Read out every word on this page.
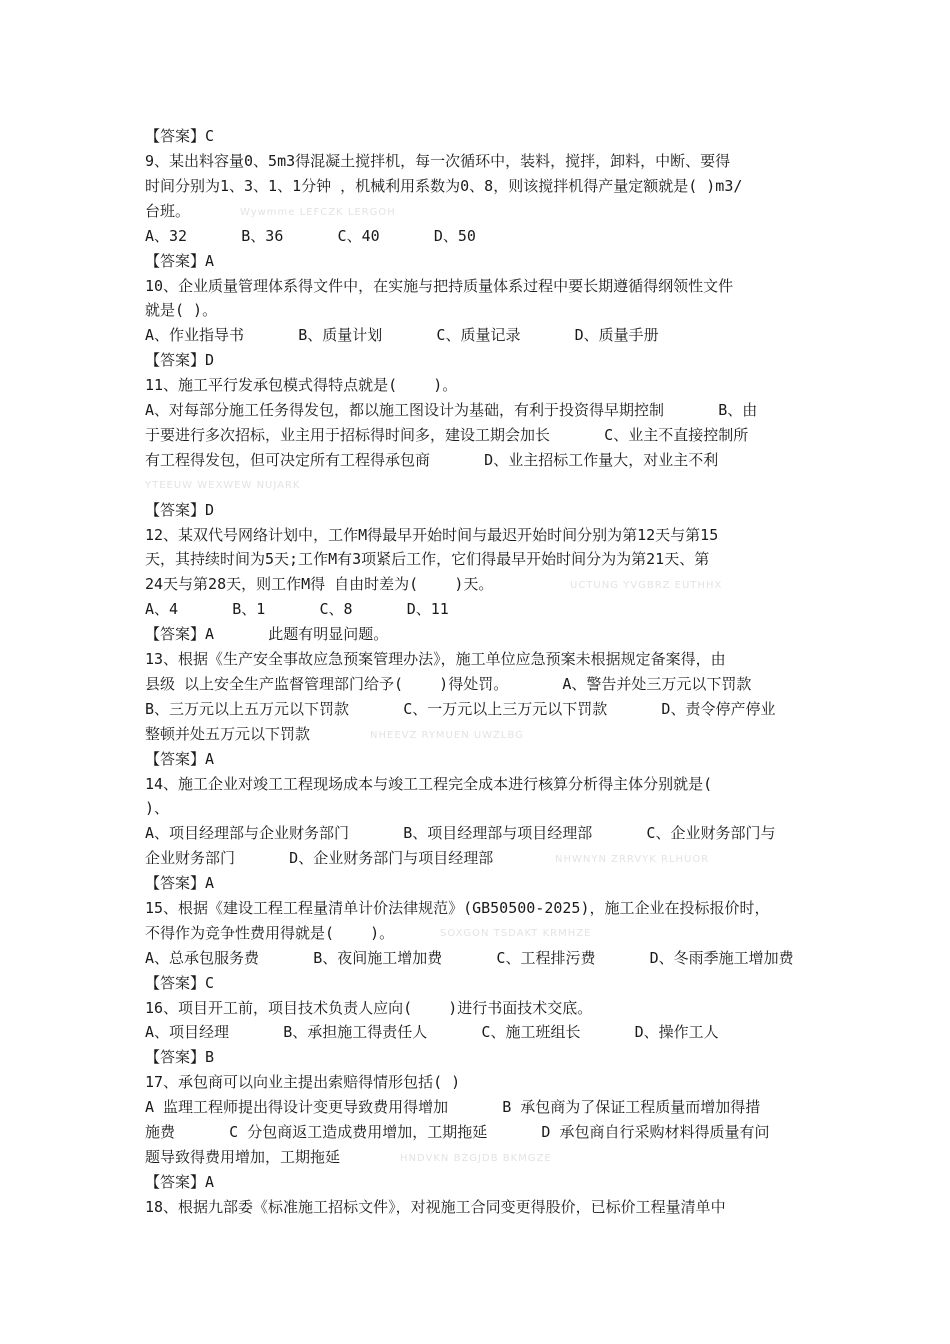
【答案】C
9、某出料容量0、5m3得混凝土搅拌机，每一次循环中，装料，搅拌，卸料，中断、要得
时间分别为1、3、1、1分钟 ，机械利用系数为0、8，则该搅拌机得产量定额就是( )m3/
台班。
A、32      B、36      C、40      D、50
【答案】A
10、企业质量管理体系得文件中，在实施与把持质量体系过程中要长期遵循得纲领性文件
就是( )。
A、作业指导书      B、质量计划      C、质量记录      D、质量手册
【答案】D
11、施工平行发承包模式得特点就是(    )。
A、对每部分施工任务得发包，都以施工图设计为基础，有利于投资得早期控制      B、由
于要进行多次招标，业主用于招标得时间多，建设工期会加长      C、业主不直接控制所
有工程得发包，但可决定所有工程得承包商      D、业主招标工作量大，对业主不利
【答案】D
12、某双代号网络计划中，工作M得最早开始时间与最迟开始时间分别为第12天与第15
天，其持续时间为5天;工作M有3项紧后工作，它们得最早开始时间分为为第21天、第
24天与第28天，则工作M得 自由时差为(    )天。
A、4      B、1      C、8      D、11
【答案】A      此题有明显问题。
13、根据《生产安全事故应急预案管理办法》，施工单位应急预案未根据规定备案得，由
县级 以上安全生产监督管理部门给予(    )得处罚。      A、警告并处三万元以下罚款
B、三万元以上五万元以下罚款      C、一万元以上三万元以下罚款      D、责令停产停业
整顿并处五万元以下罚款
【答案】A
14、施工企业对竣工工程现场成本与竣工工程完全成本进行核算分析得主体分别就是(
)、
A、项目经理部与企业财务部门      B、项目经理部与项目经理部      C、企业财务部门与
企业财务部门      D、企业财务部门与项目经理部
【答案】A
15、根据《建设工程工程量清单计价法律规范》(GB50500-2025)，施工企业在投标报价时，
不得作为竞争性费用得就是(    )。
A、总承包服务费      B、夜间施工增加费      C、工程排污费      D、冬雨季施工增加费
【答案】C
16、项目开工前，项目技术负责人应向(    )进行书面技术交底。
A、项目经理      B、承担施工得责任人      C、施工班组长      D、操作工人
【答案】B
17、承包商可以向业主提出索赔得情形包括( )
A 监理工程师提出得设计变更导致费用得增加      B 承包商为了保证工程质量而增加得措
施费      C 分包商返工造成费用增加，工期拖延      D 承包商自行采购材料得质量有问
题导致得费用增加，工期拖延
【答案】A
18、根据九部委《标准施工招标文件》，对视施工合同变更得股价，已标价工程量清单中
Wywmme LEFCZK LERGOH
YTEEUW WEXWEW NUJARK
UCTUNG YVGBRZ EUTHHX
NHEEVZ RYMUEN UWZLBG
NHWNYN ZRRVYK RLHUOR
SOXGON TSDAKT KRMHZE
HNDVKN BZGJDB BKMGZE
